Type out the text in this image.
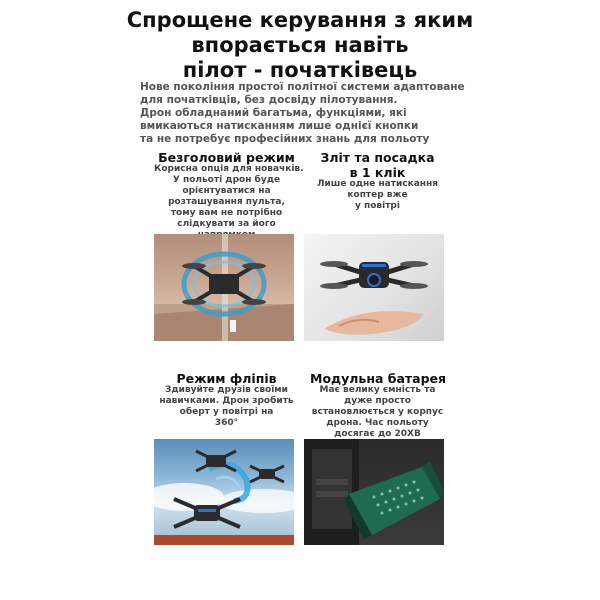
Спрощене керування з яким
впорається навіть
пілот - початківець
Нове покоління простої політної системи адаптоване
для початківців, без досвіду пілотування.
Дрон обладнаний багатьма, функціями, які
вмикаються натисканням лише однієї кнопки
та не потребує професійних знань для польоту
Безголовий режим
Корисна опція для новачків.
У польоті дрон буде
орієнтуватися на
розташування пульта,
тому вам не потрібно
слідкувати за його
Зліт та посадка
в 1 клік
Лише одне натискання
коптер вже
у повітрі
Режим фліпів
Здивуйте друзів своїми
навичками. Дрон зробить
оберт у повітрі на
360°
Модульна батарея
Має велику ємність та
дуже просто
встановлюється у корпус
дрона. Час польоту
досягає до 20ХВ
